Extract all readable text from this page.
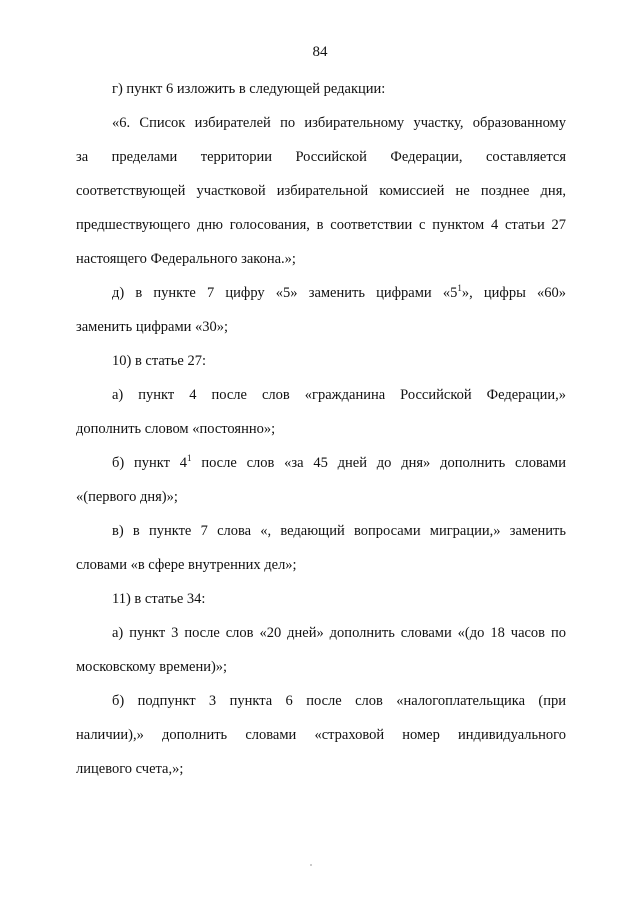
84

г) пункт 6 изложить в следующей редакции:

«6. Список избирателей по избирательному участку, образованному

за пределами территории Российской Федерации, составляется

соответствующей участковой избирательной комиссией не позднее дня,

предшествующего дню голосования, в соответствии с пунктом 4 статьи 27

настоящего Федерального закона.»;

д) в пункте 7 цифру «5» заменить цифрами «$5^1$», цифры «60»

заменить цифрами «30»;

10) в статье 27:

а) пункт 4 после слов «гражданина Российской Федерации,»

дополнить словом «постоянно»;

б) пункт $4^1$ после слов «за 45 дней до дня» дополнить словами

«(первого дня)»;

в) в пункте 7 слова «, ведающий вопросами миграции,» заменить

словами «в сфере внутренних дел»;

11) в статье 34:

а) пункт 3 после слов «20 дней» дополнить словами «(до 18 часов по

московскому времени)»;

б) подпункт 3 пункта 6 после слов «налогоплательщика (при

наличии),» дополнить словами «страховой номер индивидуального

лицевого счета,»;
